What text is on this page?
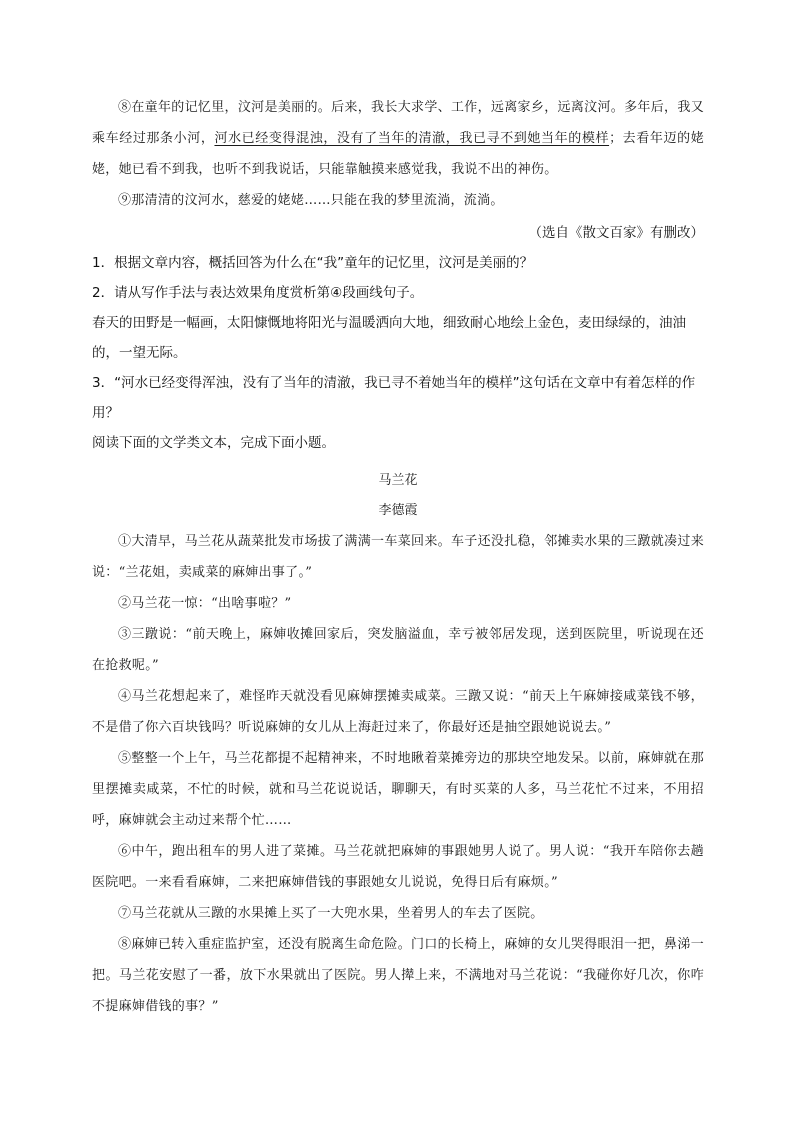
⑧在童年的记忆里，汶河是美丽的。后来，我长大求学、工作，远离家乡，远离汶河。多年后，我又乘车经过那条小河，河水已经变得混浊，没有了当年的清澈，我已寻不到她当年的模样；去看年迈的姥姥，她已看不到我，也听不到我说话，只能靠触摸来感觉我，我说不出的神伤。

⑨那清清的汶河水，慈爱的姥姥……只能在我的梦里流淌，流淌。

（选自《散文百家》有删改）

1．根据文章内容，概括回答为什么在“我”童年的记忆里，汶河是美丽的？

2．请从写作手法与表达效果角度赏析第④段画线句子。

春天的田野是一幅画，太阳慷慨地将阳光与温暖洒向大地，细致耐心地绘上金色，麦田绿绿的，油油的，一望无际。

3．“河水已经变得浑浊，没有了当年的清澈，我已寻不着她当年的模样”这句话在文章中有着怎样的作用？

阅读下面的文学类文本，完成下面小题。

马兰花

李德霞

①大清早，马兰花从蔬菜批发市场拔了满满一车菜回来。车子还没扎稳，邻摊卖水果的三蹾就凑过来说：“兰花姐，卖咸菜的麻婶出事了。”

②马兰花一惊：“出啥事啦？”

③三蹾说：“前天晚上，麻婶收摊回家后，突发脑溢血，幸亏被邻居发现，送到医院里，听说现在还在抢救呢。”

④马兰花想起来了，难怪昨天就没看见麻婶摆摊卖咸菜。三蹾又说：“前天上午麻婶接咸菜钱不够，不是借了你六百块钱吗？听说麻婶的女儿从上海赶过来了，你最好还是抽空跟她说说去。”

⑤整整一个上午，马兰花都提不起精神来，不时地瞅着菜摊旁边的那块空地发呆。以前，麻婶就在那里摆摊卖咸菜，不忙的时候，就和马兰花说说话，聊聊天，有时买菜的人多，马兰花忙不过来，不用招呼，麻婶就会主动过来帮个忙……

⑥中午，跑出租车的男人进了菜摊。马兰花就把麻婶的事跟她男人说了。男人说：“我开车陪你去趟医院吧。一来看看麻婶，二来把麻婶借钱的事跟她女儿说说，免得日后有麻烦。”

⑦马兰花就从三蹾的水果摊上买了一大兜水果，坐着男人的车去了医院。

⑧麻婶已转入重症监护室，还没有脱离生命危险。门口的长椅上，麻婶的女儿哭得眼泪一把，鼻涕一把。马兰花安慰了一番，放下水果就出了医院。男人撵上来，不满地对马兰花说：“我碰你好几次，你咋不提麻婶借钱的事？”
